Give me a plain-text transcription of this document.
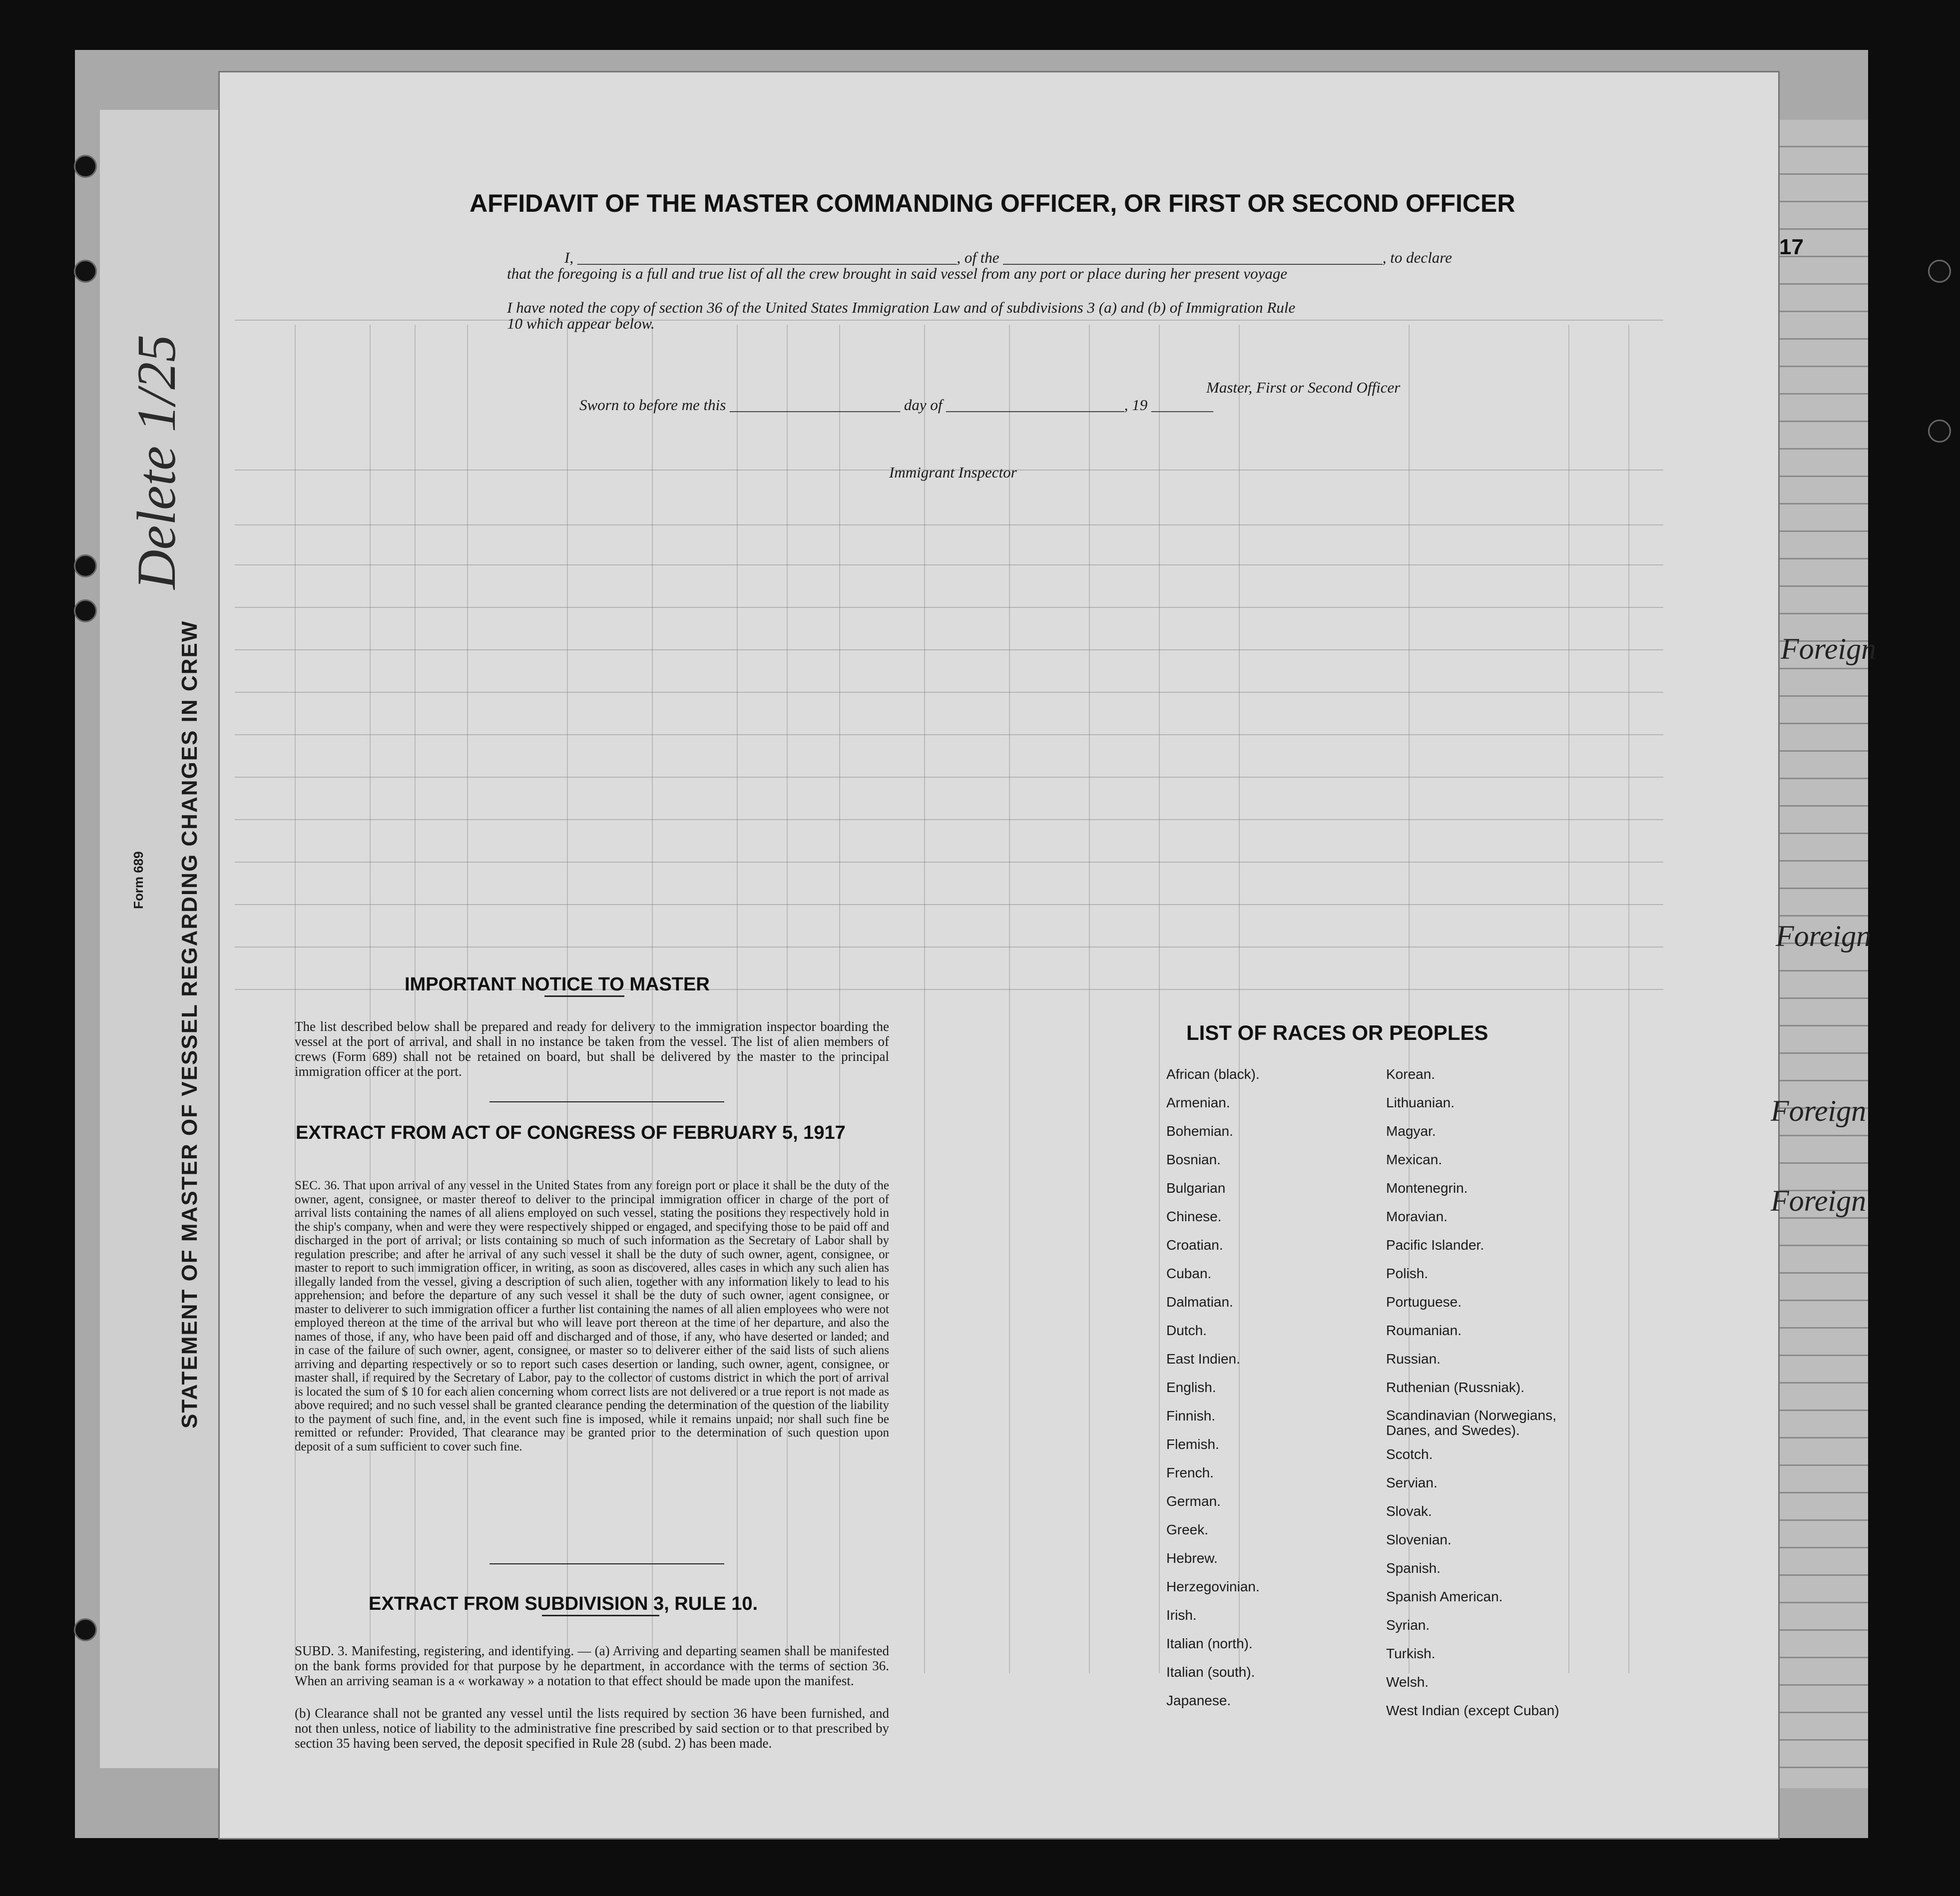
STATEMENT OF MASTER OF VESSEL REGARDING CHANGES IN CREW
Form 689
Delete 1/25
AFFIDAVIT OF THE MASTER COMMANDING OFFICER, OR FIRST OR SECOND OFFICER
I, _________________________________________________, of the _________________________________________________, to declare
that the foregoing is a full and true list of all the crew brought in said vessel from any port or place during her present voyage
I have noted the copy of section 36 of the United States Immigration Law and of subdivisions 3 (a) and (b) of Immigration Rule
10 which appear below.
Master, First or Second Officer
Sworn to before me this ______________________ day of _______________________, 19 ________
Immigrant Inspector
IMPORTANT NOTICE TO MASTER
The list described below shall be prepared and ready for delivery to the immigration inspector boarding the vessel at the port of arrival, and shall in no instance be taken from the vessel. The list of alien members of crews (Form 689) shall not be retained on board, but shall be delivered by the master to the principal immigration officer at the port.
EXTRACT FROM ACT OF CONGRESS OF FEBRUARY 5, 1917
SEC. 36. That upon arrival of any vessel in the United States from any foreign port or place it shall be the duty of the owner, agent, consignee, or master thereof to deliver to the principal immigration officer in charge of the port of arrival lists containing the names of all aliens employed on such vessel, stating the positions they respectively hold in the ship's company, when and were they were respectively shipped or engaged, and specifying those to be paid off and discharged in the port of arrival; or lists containing so much of such information as the Secretary of Labor shall by regulation prescribe; and after he arrival of any such vessel it shall be the duty of such owner, agent, consignee, or master to report to such immigration officer, in writing, as soon as discovered, alles cases in which any such alien has illegally landed from the vessel, giving a description of such alien, together with any information likely to lead to his apprehension; and before the departure of any such vessel it shall be the duty of such owner, agent consignee, or master to deliverer to such immigration officer a further list containing the names of all alien employees who were not employed thereon at the time of the arrival but who will leave port thereon at the time of her departure, and also the names of those, if any, who have been paid off and discharged and of those, if any, who have deserted or landed; and in case of the failure of such owner, agent, consignee, or master so to deliverer either of the said lists of such aliens arriving and departing respectively or so to report such cases desertion or landing, such owner, agent, consignee, or master shall, if required by the Secretary of Labor, pay to the collector of customs district in which the port of arrival is located the sum of $ 10 for each alien concerning whom correct lists are not delivered or a true report is not made as above required; and no such vessel shall be granted clearance pending the determination of the question of the liability to the payment of such fine, and, in the event such fine is imposed, while it remains unpaid; nor shall such fine be remitted or refunder: Provided, That clearance may be granted prior to the determination of such question upon deposit of a sum sufficient to cover such fine.
EXTRACT FROM SUBDIVISION 3, RULE 10.
SUBD. 3. Manifesting, registering, and identifying. — (a) Arriving and departing seamen shall be manifested on the bank forms provided for that purpose by he department, in accordance with the terms of section 36. When an arriving seaman is a « workaway » a notation to that effect should be made upon the manifest.
(b) Clearance shall not be granted any vessel until the lists required by section 36 have been furnished, and not then unless, notice of liability to the administrative fine prescribed by said section or to that prescribed by section 35 having been served, the deposit specified in Rule 28 (subd. 2) has been made.
LIST OF RACES OR PEOPLES
African (black).
Armenian.
Bohemian.
Bosnian.
Bulgarian
Chinese.
Croatian.
Cuban.
Dalmatian.
Dutch.
East Indien.
English.
Finnish.
Flemish.
French.
German.
Greek.
Hebrew.
Herzegovinian.
Irish.
Italian (north).
Italian (south).
Japanese.
Korean.
Lithuanian.
Magyar.
Mexican.
Montenegrin.
Moravian.
Pacific Islander.
Polish.
Portuguese.
Roumanian.
Russian.
Ruthenian (Russniak).
Scandinavian (Norwegians, Danes, and Swedes).
Scotch.
Servian.
Slovak.
Slovenian.
Spanish.
Spanish American.
Syrian.
Turkish.
Welsh.
West Indian (except Cuban)
17
Foreign
Foreign
Foreign
Foreign
